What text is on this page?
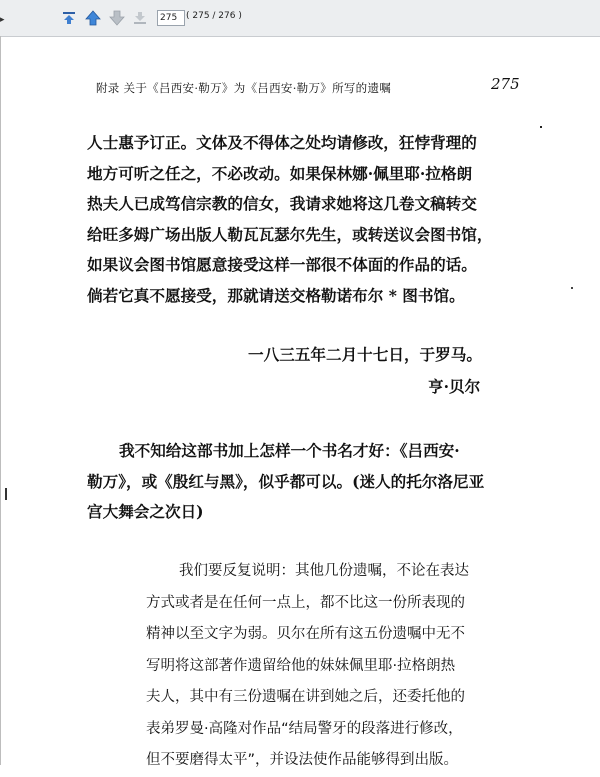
▸	275 ( 275 / 276 )
附录 关于《吕西安·勒万》为《吕西安·勒万》所写的遗嘱	275
人士惠予订正。文体及不得体之处均请修改，狂悖背理的
地方可听之任之，不必改动。如果保林娜·佩里耶·拉格朗
热夫人已成笃信宗教的信女，我请求她将这几卷文稿转交
给旺多姆广场出版人勒瓦瓦瑟尔先生，或转送议会图书馆，
如果议会图书馆愿意接受这样一部很不体面的作品的话。
倘若它真不愿接受，那就请送交格勒诺布尔 * 图书馆。
一八三五年二月十七日，于罗马。
亨·贝尔
我不知给这部书加上怎样一个书名才好：《吕西安·
勒万》，或《殷红与黑》，似乎都可以。(迷人的托尔洛尼亚
宫大舞会之次日)
我们要反复说明：其他几份遗嘱，不论在表达
方式或者是在任何一点上，都不比这一份所表现的
精神以至文字为弱。贝尔在所有这五份遗嘱中无不
写明将这部著作遗留给他的妹妹佩里耶·拉格朗热
夫人，其中有三份遗嘱在讲到她之后，还委托他的
表弟罗曼·高隆对作品“结局警牙的段落进行修改，
但不要磨得太平”，并设法使作品能够得到出版。
